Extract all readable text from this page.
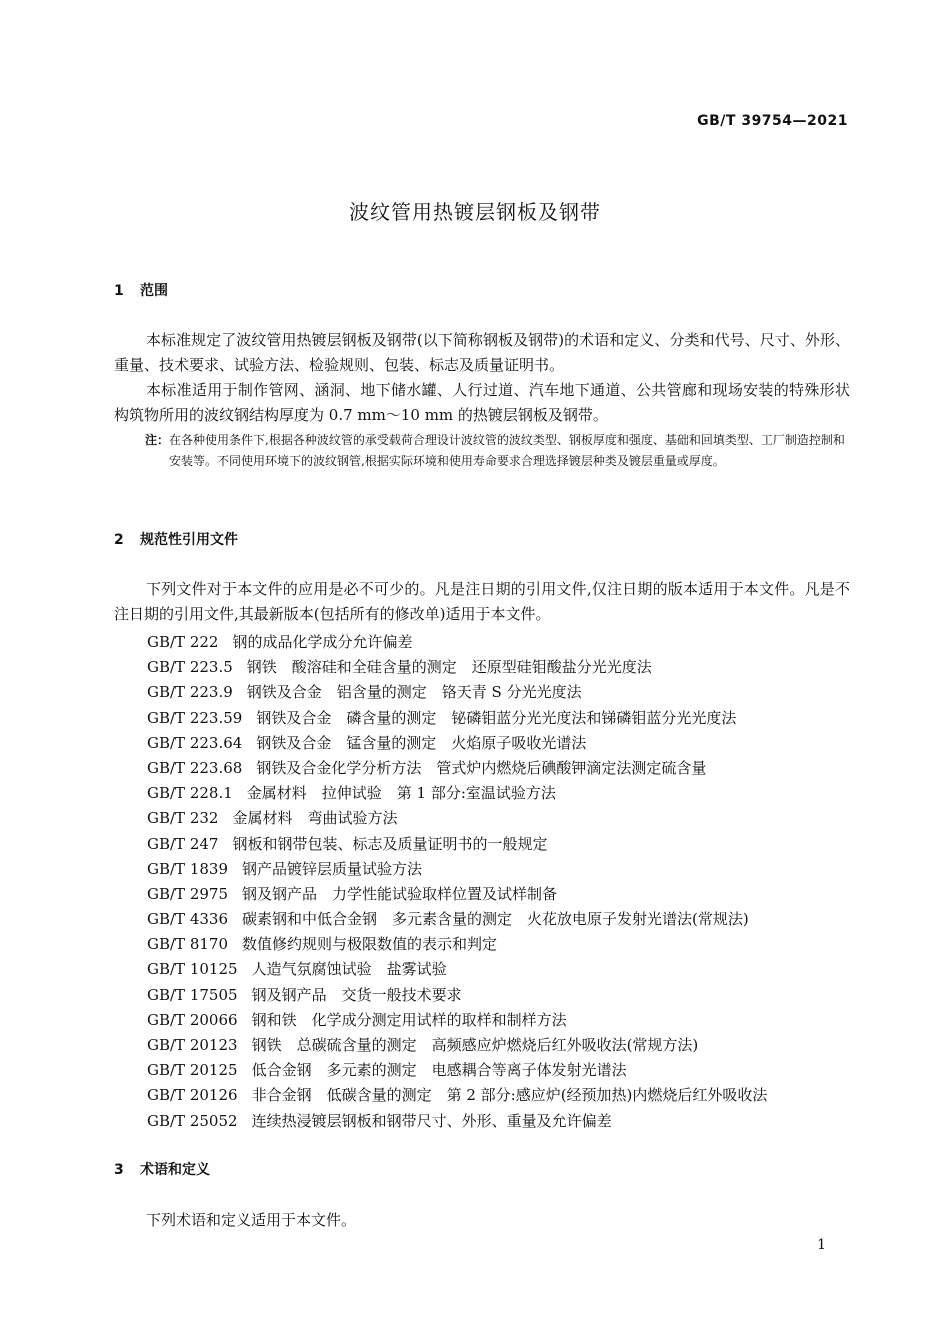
GB/T 39754—2021
波纹管用热镀层钢板及钢带
1 范围

本标准规定了波纹管用热镀层钢板及钢带(以下简称钢板及钢带)的术语和定义、分类和代号、尺寸、外形、重量、技术要求、试验方法、检验规则、包装、标志及质量证明书。

本标准适用于制作管网、涵洞、地下储水罐、人行过道、汽车地下通道、公共管廊和现场安装的特殊形状构筑物所用的波纹钢结构厚度为 0.7 mm～10 mm 的热镀层钢板及钢带。

注： 在各种使用条件下,根据各种波纹管的承受载荷合理设计波纹管的波纹类型、钢板厚度和强度、基础和回填类型、工厂制造控制和安装等。不同使用环境下的波纹钢管,根据实际环境和使用寿命要求合理选择镀层种类及镀层重量或厚度。
2 规范性引用文件

下列文件对于本文件的应用是必不可少的。凡是注日期的引用文件,仅注日期的版本适用于本文件。凡是不注日期的引用文件,其最新版本(包括所有的修改单)适用于本文件。

GB/T 222 钢的成品化学成分允许偏差
GB/T 223.5 钢铁　酸溶硅和全硅含量的测定　还原型硅钼酸盐分光光度法
GB/T 223.9 钢铁及合金　铝含量的测定　铬天青 S 分光光度法
GB/T 223.59 钢铁及合金　磷含量的测定　铋磷钼蓝分光光度法和锑磷钼蓝分光光度法
GB/T 223.64 钢铁及合金　锰含量的测定　火焰原子吸收光谱法
GB/T 223.68 钢铁及合金化学分析方法　管式炉内燃烧后碘酸钾滴定法测定硫含量
GB/T 228.1 金属材料　拉伸试验　第 1 部分:室温试验方法
GB/T 232 金属材料　弯曲试验方法
GB/T 247 钢板和钢带包装、标志及质量证明书的一般规定
GB/T 1839 钢产品镀锌层质量试验方法
GB/T 2975 钢及钢产品　力学性能试验取样位置及试样制备
GB/T 4336 碳素钢和中低合金钢　多元素含量的测定　火花放电原子发射光谱法(常规法)
GB/T 8170 数值修约规则与极限数值的表示和判定
GB/T 10125 人造气氛腐蚀试验　盐雾试验
GB/T 17505 钢及钢产品　交货一般技术要求
GB/T 20066 钢和铁　化学成分测定用试样的取样和制样方法
GB/T 20123 钢铁　总碳硫含量的测定　高频感应炉燃烧后红外吸收法(常规方法)
GB/T 20125 低合金钢　多元素的测定　电感耦合等离子体发射光谱法
GB/T 20126 非合金钢　低碳含量的测定　第 2 部分:感应炉(经预加热)内燃烧后红外吸收法
GB/T 25052 连续热浸镀层钢板和钢带尺寸、外形、重量及允许偏差
3 术语和定义

下列术语和定义适用于本文件。

1
